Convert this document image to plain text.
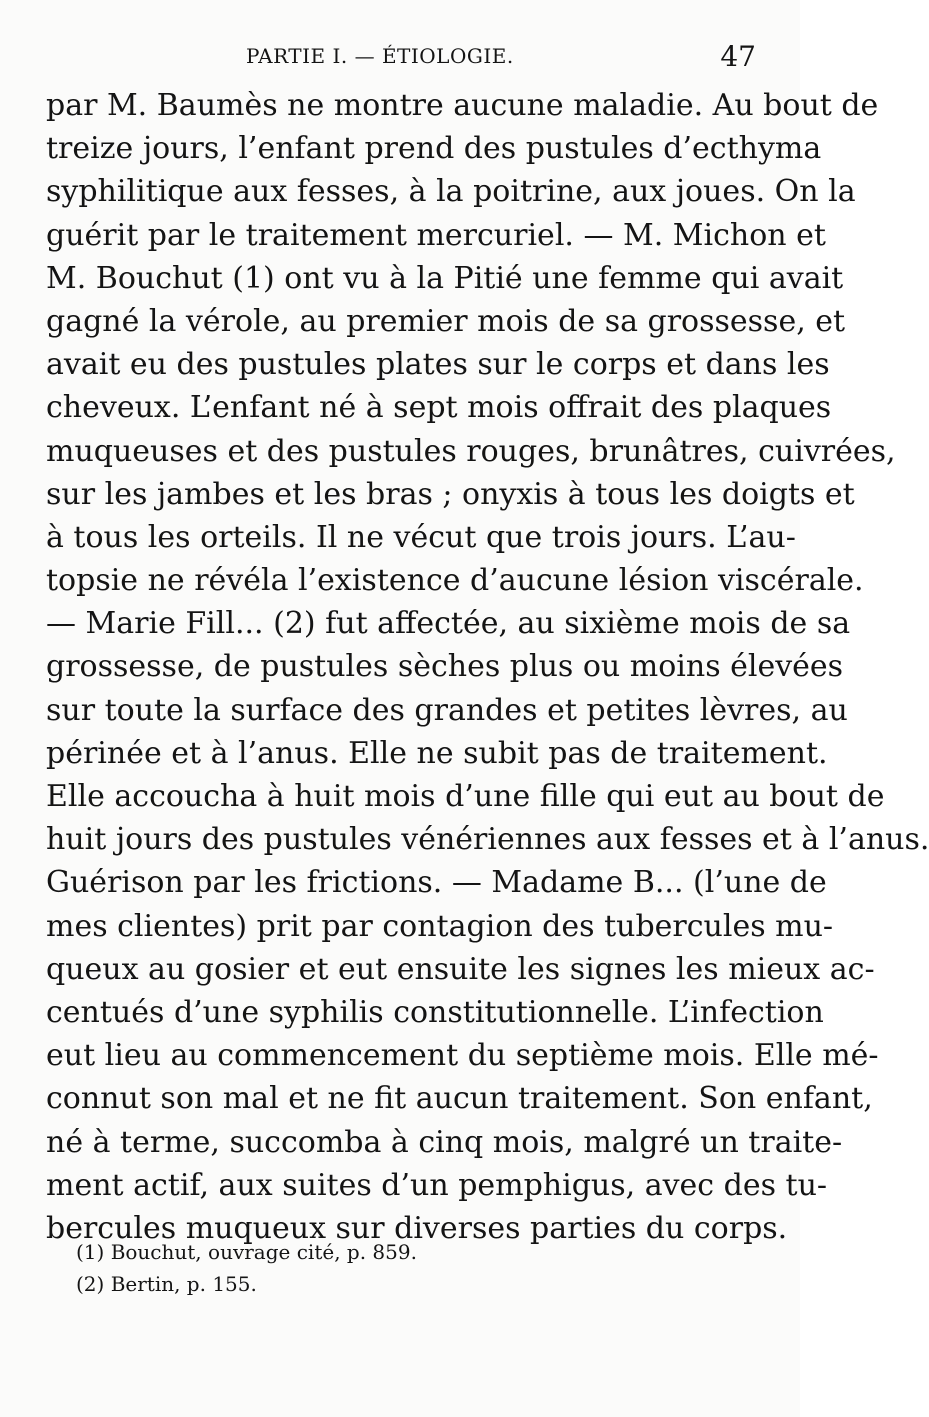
PARTIE I. — ÉTIOLOGIE.	47
par M. Baumès ne montre aucune maladie. Au bout de
treize jours, l’enfant prend des pustules d’ecthyma
syphilitique aux fesses, à la poitrine, aux joues. On la
guérit par le traitement mercuriel. — M. Michon et
M. Bouchut (1) ont vu à la Pitié une femme qui avait
gagné la vérole, au premier mois de sa grossesse, et
avait eu des pustules plates sur le corps et dans les
cheveux. L’enfant né à sept mois offrait des plaques
muqueuses et des pustules rouges, brunâtres, cuivrées,
sur les jambes et les bras ; onyxis à tous les doigts et
à tous les orteils. Il ne vécut que trois jours. L’au-
topsie ne révéla l’existence d’aucune lésion viscérale.
— Marie Fill... (2) fut affectée, au sixième mois de sa
grossesse, de pustules sèches plus ou moins élevées
sur toute la surface des grandes et petites lèvres, au
périnée et à l’anus. Elle ne subit pas de traitement.
Elle accoucha à huit mois d’une fille qui eut au bout de
huit jours des pustules vénériennes aux fesses et à l’anus.
Guérison par les frictions. — Madame B... (l’une de
mes clientes) prit par contagion des tubercules mu-
queux au gosier et eut ensuite les signes les mieux ac-
centués d’une syphilis constitutionnelle. L’infection
eut lieu au commencement du septième mois. Elle mé-
connut son mal et ne fit aucun traitement. Son enfant,
né à terme, succomba à cinq mois, malgré un traite-
ment actif, aux suites d’un pemphigus, avec des tu-
bercules muqueux sur diverses parties du corps.
(1) Bouchut, ouvrage cité, p. 859.
(2) Bertin, p. 155.
